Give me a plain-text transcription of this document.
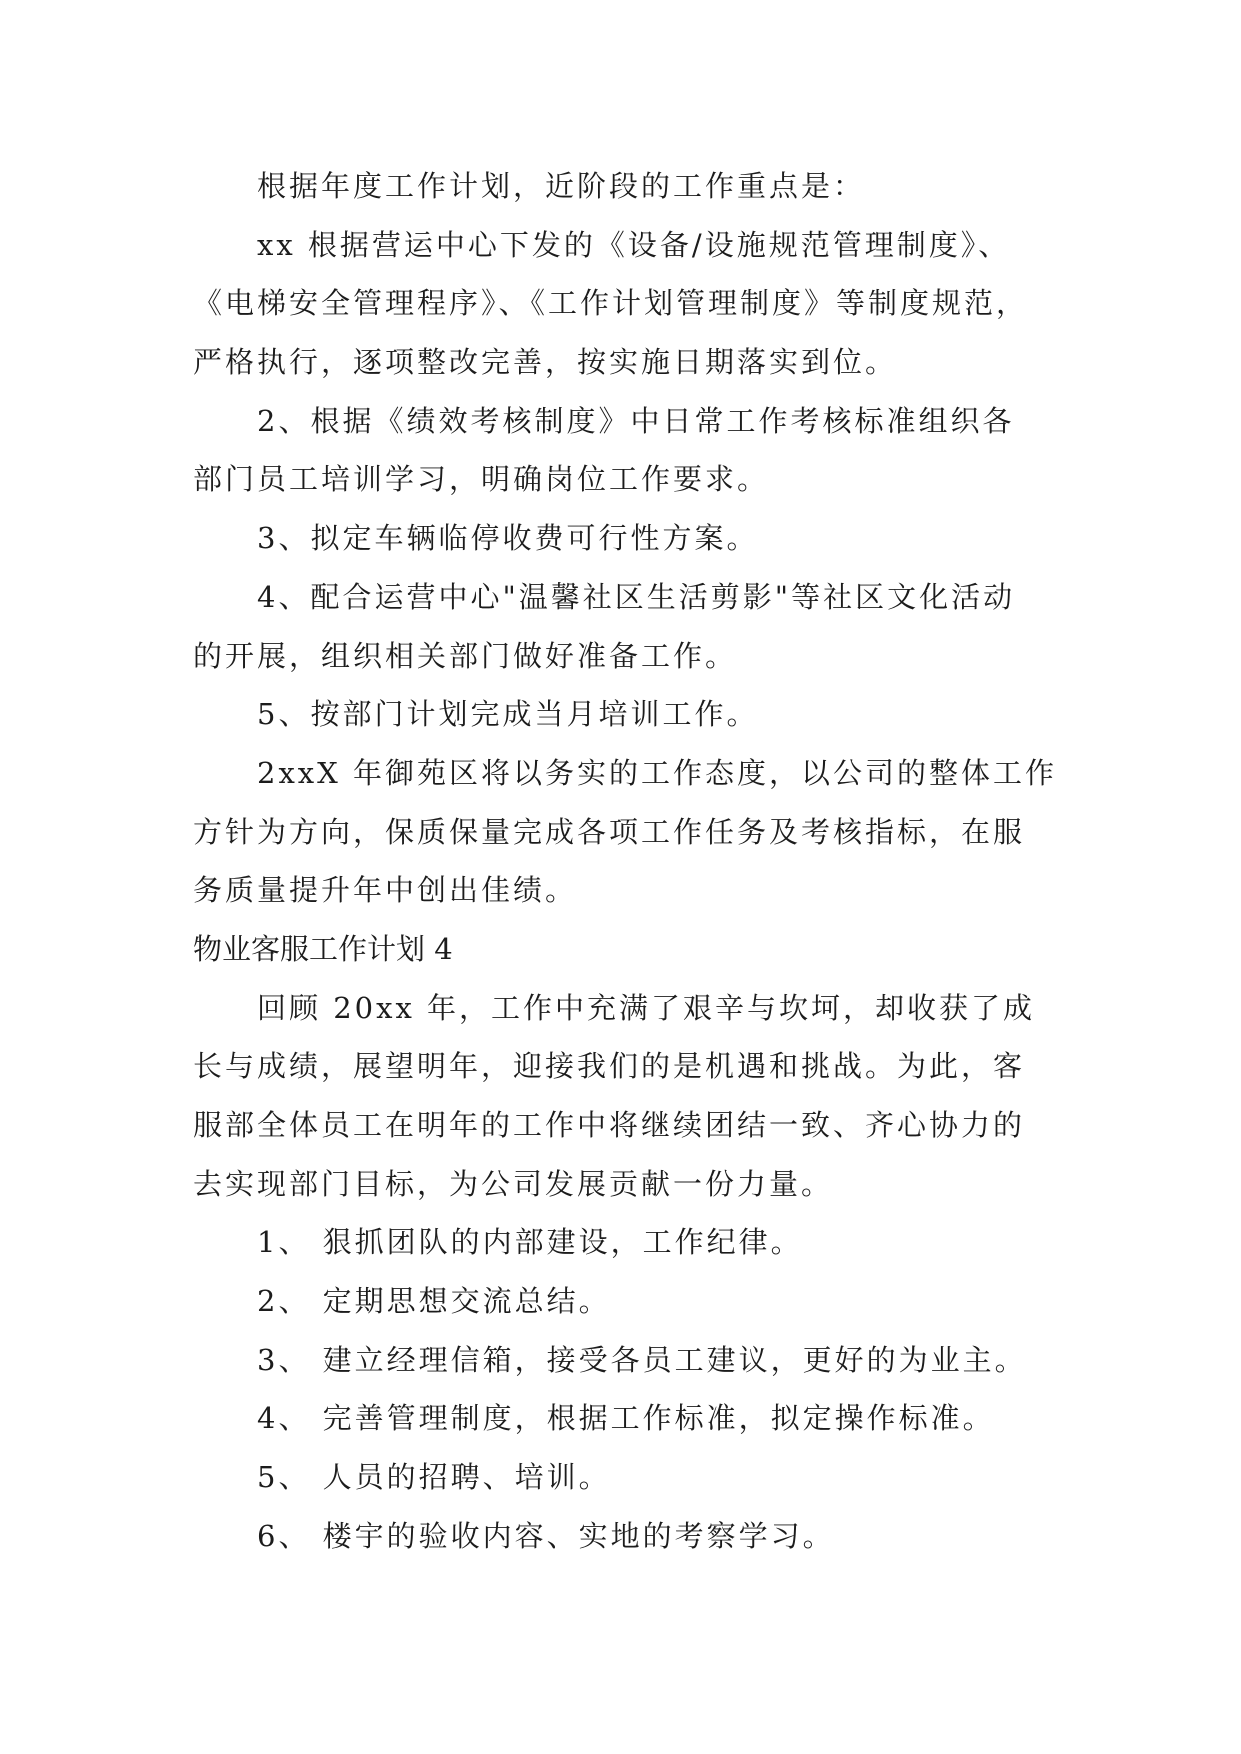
根据年度工作计划，近阶段的工作重点是：
xx 根据营运中心下发的《设备/设施规范管理制度》、
《电梯安全管理程序》、《工作计划管理制度》等制度规范，
严格执行，逐项整改完善，按实施日期落实到位。
2、根据《绩效考核制度》中日常工作考核标准组织各
部门员工培训学习，明确岗位工作要求。
3、拟定车辆临停收费可行性方案。
4、配合运营中心"温馨社区生活剪影"等社区文化活动
的开展，组织相关部门做好准备工作。
5、按部门计划完成当月培训工作。
2xxX 年御苑区将以务实的工作态度，以公司的整体工作
方针为方向，保质保量完成各项工作任务及考核指标，在服
务质量提升年中创出佳绩。
物业客服工作计划 4
回顾 20xx 年，工作中充满了艰辛与坎坷，却收获了成
长与成绩，展望明年，迎接我们的是机遇和挑战。为此，客
服部全体员工在明年的工作中将继续团结一致、齐心协力的
去实现部门目标，为公司发展贡献一份力量。
1、 狠抓团队的内部建设，工作纪律。
2、 定期思想交流总结。
3、 建立经理信箱，接受各员工建议，更好的为业主。
4、 完善管理制度，根据工作标准，拟定操作标准。
5、 人员的招聘、培训。
6、 楼宇的验收内容、实地的考察学习。
